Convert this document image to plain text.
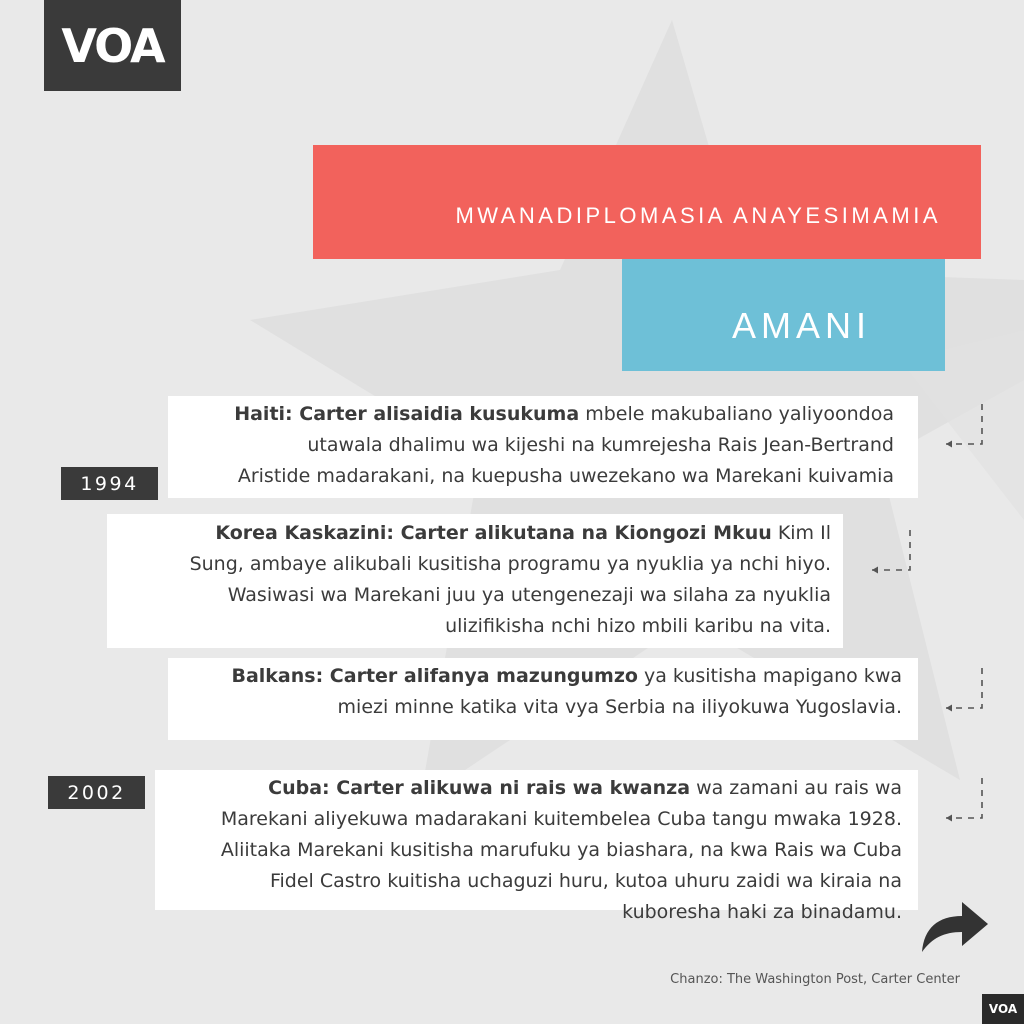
VOA
MWANADIPLOMASIA ANAYESIMAMIA
AMANI
Haiti: Carter alisaidia kusukuma mbele makubaliano yaliyoondoa
utawala dhalimu wa kijeshi na kumrejesha Rais Jean-Bertrand
Aristide madarakani, na kuepusha uwezekano wa Marekani kuivamia
Korea Kaskazini: Carter alikutana na Kiongozi Mkuu Kim Il
Sung, ambaye alikubali kusitisha programu ya nyuklia ya nchi hiyo.
Wasiwasi wa Marekani juu ya utengenezaji wa silaha za nyuklia
ulizifikisha nchi hizo mbili karibu na vita.
Balkans: Carter alifanya mazungumzo ya kusitisha mapigano kwa
miezi minne katika vita vya Serbia na iliyokuwa Yugoslavia.
Cuba: Carter alikuwa ni rais wa kwanza wa zamani au rais wa
Marekani aliyekuwa madarakani kuitembelea Cuba tangu mwaka 1928.
Aliitaka Marekani kusitisha marufuku ya biashara, na kwa Rais wa Cuba
Fidel Castro kuitisha uchaguzi huru, kutoa uhuru zaidi wa kiraia na
kuboresha haki za binadamu.
1994
2002
Chanzo: The Washington Post, Carter Center
VOA
